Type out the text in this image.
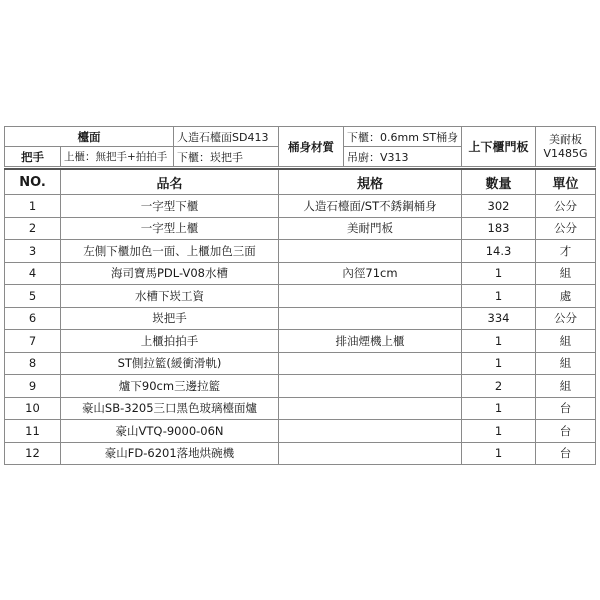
檯面		人造石檯面SD413	桶身材質	下櫃：0.6mm ST桶身	上下櫃門板	美耐板
V1485G
把手	上櫃：無把手+拍拍手	下櫃：崁把手		吊廚：V313		
NO.	品名	規格	數量	單位
1	一字型下櫃	人造石檯面/ST不銹鋼桶身	302	公分
2	一字型上櫃	美耐門板	183	公分
3	左側下櫃加色一面、上櫃加色三面		14.3	才
4	海司寶馬PDL-V08水槽	內徑71cm	1	組
5	水槽下崁工資		1	處
6	崁把手		334	公分
7	上櫃拍拍手	排油煙機上櫃	1	組
8	ST側拉籃(緩衝滑軌)		1	組
9	爐下90cm三邊拉籃		2	組
10	豪山SB-3205三口黑色玻璃檯面爐		1	台
11	豪山VTQ-9000-06N		1	台
12	豪山FD-6201落地烘碗機		1	台
